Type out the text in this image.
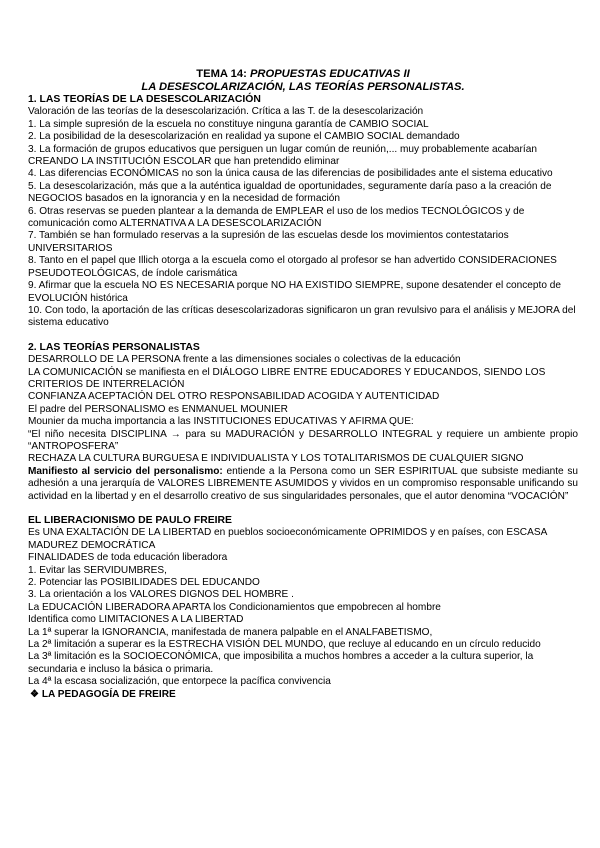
TEMA 14: PROPUESTAS EDUCATIVAS II
LA DESESCOLARIZACIÓN, LAS TEORÍAS PERSONALISTAS.
1. LAS TEORÍAS DE LA DESESCOLARIZACIÓN

Valoración de las teorías de la desescolarización. Crítica a las T. de la desescolarización

1. La simple supresión de la escuela no constituye ninguna garantía de CAMBIO SOCIAL

2. La posibilidad de la desescolarización en realidad ya supone el CAMBIO SOCIAL demandado

3. La formación de grupos educativos que persiguen un lugar común de reunión,... muy probablemente acabarían CREANDO LA INSTITUCIÓN ESCOLAR que han pretendido eliminar

4. Las diferencias ECONÓMICAS no son la única causa de las diferencias de posibilidades ante el sistema educativo

5. La desescolarización, más que a la auténtica igualdad de oportunidades, seguramente daría paso a la creación de NEGOCIOS basados en la ignorancia y en la necesidad de formación

6. Otras reservas se pueden plantear a la demanda de EMPLEAR el uso de los medios TECNOLÓGICOS y de comunicación como ALTERNATIVA A LA DESESCOLARIZACIÓN

7. También se han formulado reservas a la supresión de las escuelas desde los movimientos contestatarios UNIVERSITARIOS

8. Tanto en el papel que Illich otorga a la escuela como el otorgado al profesor se han advertido CONSIDERACIONES PSEUDOTEOLÓGICAS, de índole carismática

9. Afirmar que la escuela NO ES NECESARIA porque NO HA EXISTIDO SIEMPRE, supone desatender el concepto de EVOLUCIÓN histórica

10. Con todo, la aportación de las críticas desescolarizadoras significaron un gran revulsivo para el análisis y MEJORA del sistema educativo

2. LAS TEORÍAS PERSONALISTAS

DESARROLLO DE LA PERSONA frente a las dimensiones sociales o colectivas de la educación

LA COMUNICACIÓN se manifiesta en el DIÁLOGO LIBRE ENTRE EDUCADORES Y EDUCANDOS, SIENDO LOS CRITERIOS DE INTERRELACIÓN

CONFIANZA ACEPTACIÓN DEL OTRO RESPONSABILIDAD ACOGIDA Y AUTENTICIDAD

El padre del PERSONALISMO es ENMANUEL MOUNIER

Mounier da mucha importancia a las INSTITUCIONES EDUCATIVAS Y AFIRMA QUE:

“El niño necesita DISCIPLINA → para su MADURACIÓN y DESARROLLO INTEGRAL y requiere un ambiente propio “ANTROPOSFERA”

RECHAZA LA CULTURA BURGUESA E INDIVIDUALISTA Y LOS TOTALITARISMOS DE CUALQUIER SIGNO

Manifiesto al servicio del personalismo: entiende a la Persona como un SER ESPIRITUAL que subsiste mediante su adhesión a una jerarquía de VALORES LIBREMENTE ASUMIDOS y vividos en un compromiso responsable unificando su actividad en la libertad y en el desarrollo creativo de sus singularidades personales, que el autor denomina “VOCACIÓN”

EL LIBERACIONISMO DE PAULO FREIRE

Es UNA EXALTACIÓN DE LA LIBERTAD en pueblos socioeconómicamente OPRIMIDOS y en países, con ESCASA MADUREZ DEMOCRÁTICA

FINALIDADES de toda educación liberadora

1. Evitar las SERVIDUMBRES,

2. Potenciar las POSIBILIDADES DEL EDUCANDO

3. La orientación a los VALORES DIGNOS DEL HOMBRE .

La EDUCACIÓN LIBERADORA APARTA los Condicionamientos que empobrecen al hombre

Identifica como LIMITACIONES A LA LIBERTAD

La 1ª superar la IGNORANCIA, manifestada de manera palpable en el ANALFABETISMO,

La 2ª limitación a superar es la ESTRECHA VISIÓN DEL MUNDO, que recluye al educando en un círculo reducido

La 3ª limitación es la SOCIOECONÓMICA, que imposibilita a muchos hombres a acceder a la cultura superior, la secundaria e incluso la básica o primaria.

La 4ª la escasa socialización, que entorpece la pacífica convivencia

❖ LA PEDAGOGÍA DE FREIRE
